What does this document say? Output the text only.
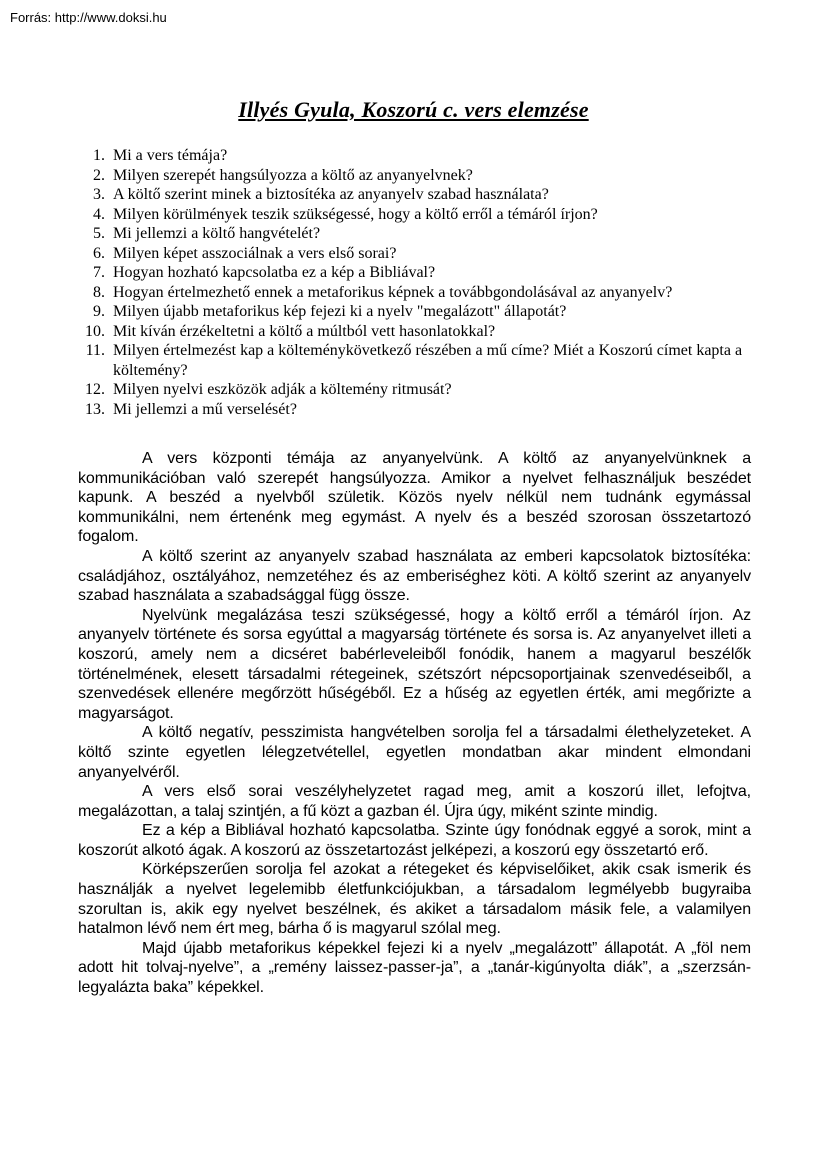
Forrás: http://www.doksi.hu
Illyés Gyula, Koszorú c. vers elemzése
1. Mi a vers témája?
2. Milyen szerepét hangsúlyozza a költő az anyanyelvnek?
3. A költő szerint minek a biztosítéka az anyanyelv szabad használata?
4. Milyen körülmények teszik szükségessé, hogy a költő erről a témáról írjon?
5. Mi jellemzi a költő hangvételét?
6. Milyen képet asszociálnak a vers első sorai?
7. Hogyan hozható kapcsolatba ez a kép a Bibliával?
8. Hogyan értelmezhető ennek a metaforikus képnek a továbbgondolásával az anyanyelv?
9. Milyen újabb metaforikus kép fejezi ki a nyelv "megalázott" állapotát?
10. Mit kíván érzékeltetni a költő a múltból vett hasonlatokkal?
11. Milyen értelmezést kap a költeménykövetkező részében a mű címe? Miét a Koszorú címet kapta a költemény?
12. Milyen nyelvi eszközök adják a költemény ritmusát?
13. Mi jellemzi a mű verselését?

A vers központi témája az anyanyelvünk. A költő az anyanyelvünknek a kommunikációban való szerepét hangsúlyozza. Amikor a nyelvet felhasználjuk beszédet kapunk. A beszéd a nyelvből születik. Közös nyelv nélkül nem tudnánk egymással kommunikálni, nem értenénk meg egymást. A nyelv és a beszéd szorosan összetartozó fogalom.

A költő szerint az anyanyelv szabad használata az emberi kapcsolatok biztosítéka: családjához, osztályához, nemzetéhez és az emberiséghez köti. A költő szerint az anyanyelv szabad használata a szabadsággal függ össze.

Nyelvünk megalázása teszi szükségessé, hogy a költő erről a témáról írjon. Az anyanyelv története és sorsa egyúttal a magyarság története és sorsa is. Az anyanyelvet illeti a koszorú, amely nem a dicséret babérleveleiből fonódik, hanem a magyarul beszélők történelmének, elesett társadalmi rétegeinek, szétszórt népcsoportjainak szenvedéseiből, a szenvedések ellenére megőrzött hűségéből. Ez a hűség az egyetlen érték, ami megőrizte a magyarságot.

A költő negatív, pesszimista hangvételben sorolja fel a társadalmi élethelyzeteket. A költő szinte egyetlen lélegzetvétellel, egyetlen mondatban akar mindent elmondani anyanyelvéről.

A vers első sorai veszélyhelyzetet ragad meg, amit a koszorú illet, lefojtva, megalázottan, a talaj szintjén, a fű közt a gazban él. Újra úgy, miként szinte mindig.

Ez a kép a Bibliával hozható kapcsolatba. Szinte úgy fonódnak eggyé a sorok, mint a koszorút alkotó ágak. A koszorú az összetartozást jelképezi, a koszorú egy összetartó erő.

Körképszerűen sorolja fel azokat a rétegeket és képviselőiket, akik csak ismerik és használják a nyelvet legelemibb életfunkciójukban, a társadalom legmélyebb bugyraiba szorultan is, akik egy nyelvet beszélnek, és akiket a társadalom másik fele, a valamilyen hatalmon lévő nem ért meg, bárha ő is magyarul szólal meg.

Majd újabb metaforikus képekkel fejezi ki a nyelv „megalázott” állapotát. A „föl nem adott hit tolvaj-nyelve”, a „remény laissez-passer-ja”, a „tanár-kigúnyolta diák”, a „szerzsán-legyalázta baka” képekkel.
